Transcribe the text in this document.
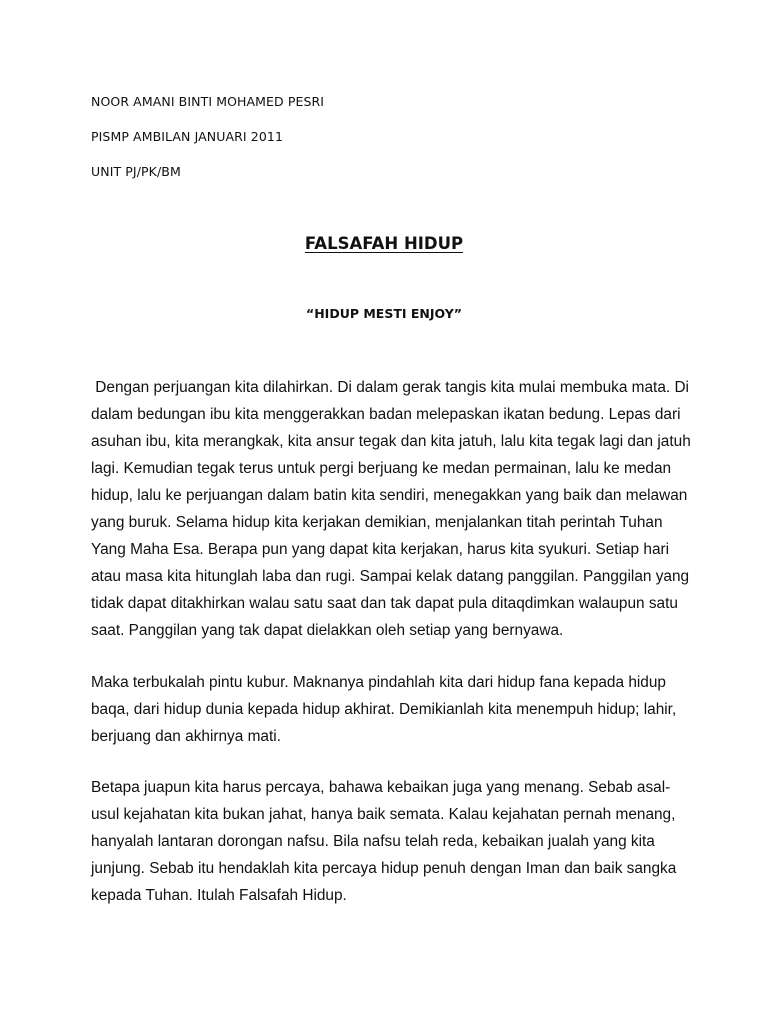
NOOR AMANI BINTI MOHAMED PESRI
PISMP AMBILAN JANUARI 2011
UNIT PJ/PK/BM
FALSAFAH HIDUP
“HIDUP MESTI ENJOY”
Dengan perjuangan kita dilahirkan. Di dalam gerak tangis kita mulai membuka mata. Di
dalam bedungan ibu kita menggerakkan badan melepaskan ikatan bedung. Lepas dari
asuhan ibu, kita merangkak, kita ansur tegak dan kita jatuh, lalu kita tegak lagi dan jatuh
lagi. Kemudian tegak terus untuk pergi berjuang ke medan permainan, lalu ke medan
hidup, lalu ke perjuangan dalam batin kita sendiri, menegakkan yang baik dan melawan
yang buruk. Selama hidup kita kerjakan demikian, menjalankan titah perintah Tuhan
Yang Maha Esa. Berapa pun yang dapat kita kerjakan, harus kita syukuri. Setiap hari
atau masa kita hitunglah laba dan rugi. Sampai kelak datang panggilan. Panggilan yang
tidak dapat ditakhirkan walau satu saat dan tak dapat pula ditaqdimkan walaupun satu
saat. Panggilan yang tak dapat dielakkan oleh setiap yang bernyawa.
Maka terbukalah pintu kubur. Maknanya pindahlah kita dari hidup fana kepada hidup
baqa, dari hidup dunia kepada hidup akhirat. Demikianlah kita menempuh hidup; lahir,
berjuang dan akhirnya mati.
Betapa juapun kita harus percaya, bahawa kebaikan juga yang menang. Sebab asal-
usul kejahatan kita bukan jahat, hanya baik semata. Kalau kejahatan pernah menang,
hanyalah lantaran dorongan nafsu. Bila nafsu telah reda, kebaikan jualah yang kita
junjung. Sebab itu hendaklah kita percaya hidup penuh dengan Iman dan baik sangka
kepada Tuhan. Itulah Falsafah Hidup.
